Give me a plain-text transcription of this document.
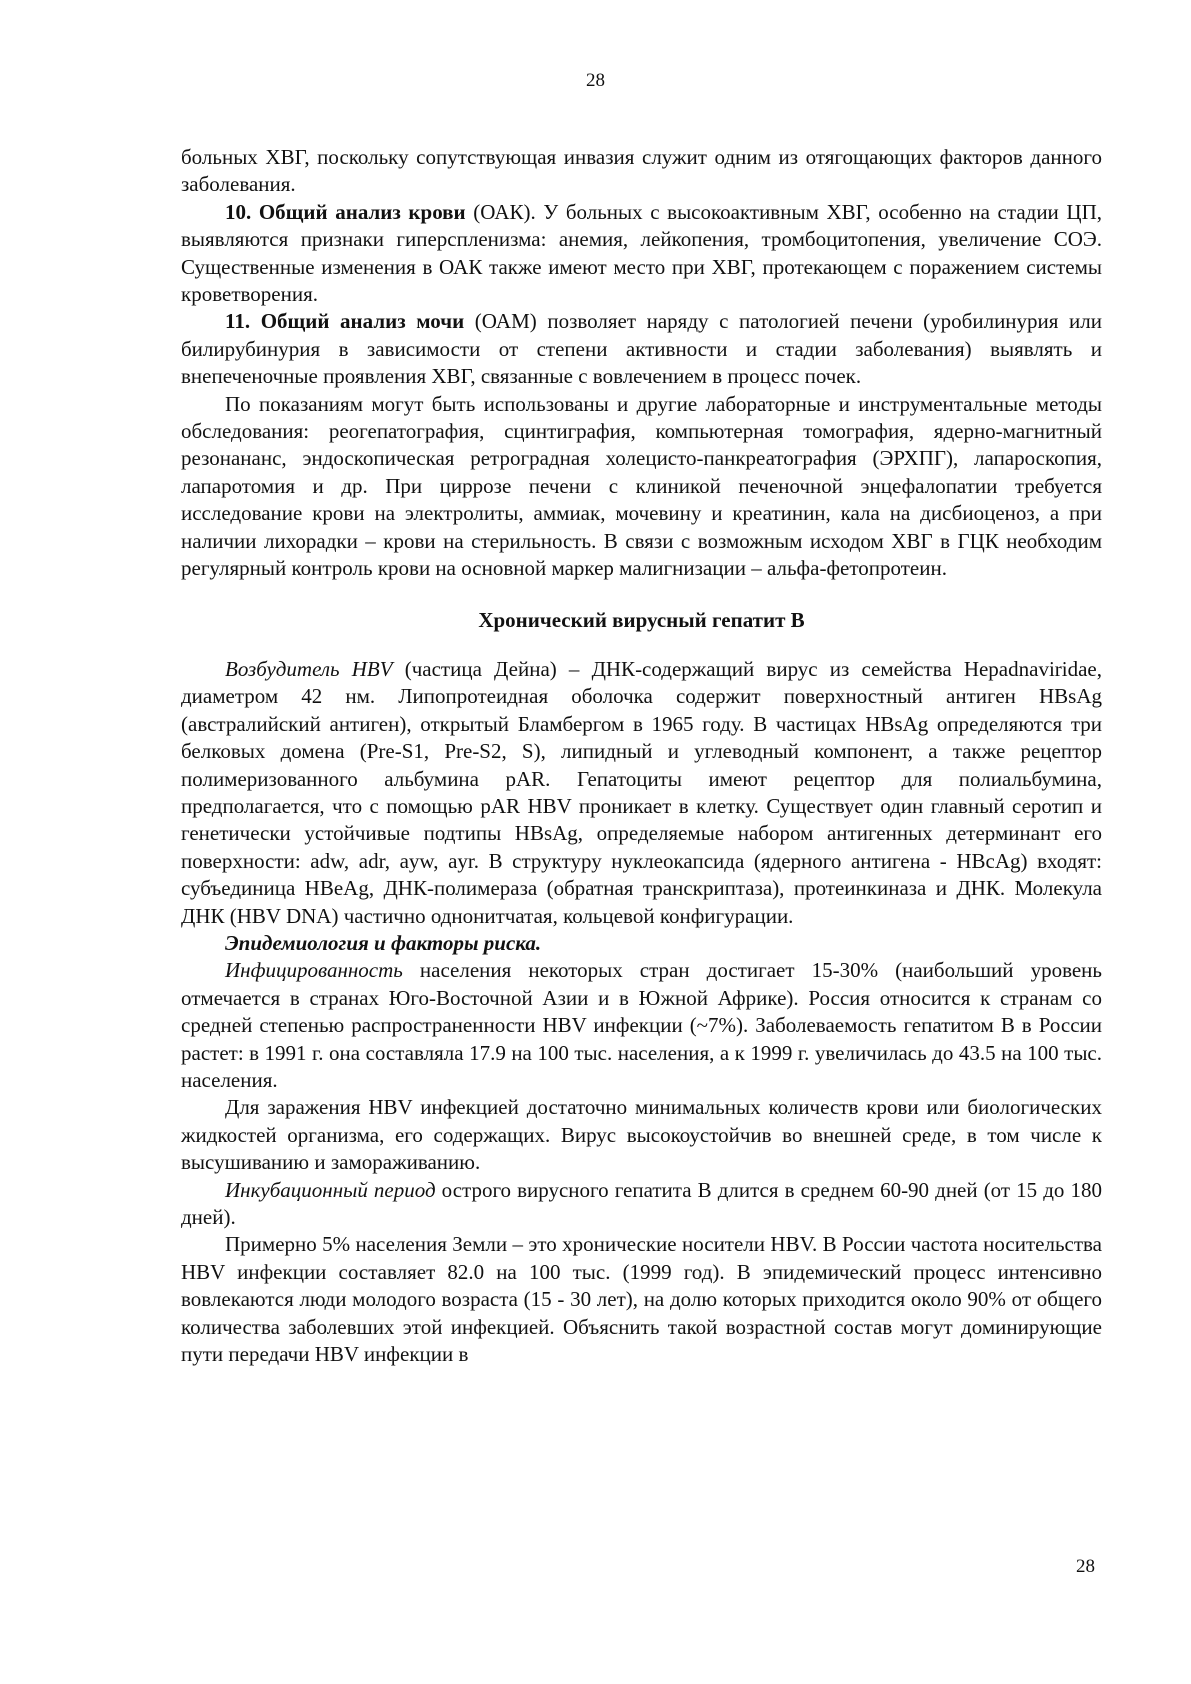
28

больных ХВГ, поскольку сопутствующая инвазия служит одним из отягощающих факторов данного заболевания.

10. Общий анализ крови (ОАК). У больных с высокоактивным ХВГ, особенно на стадии ЦП, выявляются признаки гиперспленизма: анемия, лейкопения, тромбоцитопения, увеличение СОЭ. Существенные изменения в ОАК также имеют место при ХВГ, протекающем с поражением системы кроветворения.

11. Общий анализ мочи (ОАМ) позволяет наряду с патологией печени (уробилинурия или билирубинурия в зависимости от степени активности и стадии заболевания) выявлять и внепеченочные проявления ХВГ, связанные с вовлечением в процесс почек.

По показаниям могут быть использованы и другие лабораторные и инструментальные методы обследования: реогепатография, сцинтиграфия, компьютерная томография, ядерно-магнитный резонананс, эндоскопическая ретроградная холецисто-панкреатография (ЭРХПГ), лапароскопия, лапаротомия и др. При циррозе печени с клиникой печеночной энцефалопатии требуется исследование крови на электролиты, аммиак, мочевину и креатинин, кала на дисбиоценоз, а при наличии лихорадки – крови на стерильность. В связи с возможным исходом ХВГ в ГЦК необходим регулярный контроль крови на основной маркер малигнизации – альфа-фетопротеин.

Хронический вирусный гепатит В

Возбудитель HBV (частица Дейна) – ДНК-содержащий вирус из семейства Hepadnaviridae, диаметром 42 нм. Липопротеидная оболочка содержит поверхностный антиген HBsAg (австралийский антиген), открытый Бламбергом в 1965 году. В частицах HBsAg определяются три белковых домена (Pre-S1, Pre-S2, S), липидный и углеводный компонент, а также рецептор полимеризованного альбумина pAR. Гепатоциты имеют рецептор для полиальбумина, предполагается, что с помощью pAR HBV проникает в клетку. Существует один главный серотип и генетически устойчивые подтипы HBsAg, определяемые набором антигенных детерминант его поверхности: adw, adr, ayw, ayr. В структуру нуклеокапсида (ядерного антигена - HBcAg) входят: субъединица HBeAg, ДНК-полимераза (обратная транскриптаза), протеинкиназа и ДНК. Молекула ДНК (HBV DNA) частично однонитчатая, кольцевой конфигурации.

Эпидемиология и факторы риска.

Инфицированность населения некоторых стран достигает 15-30% (наибольший уровень отмечается в странах Юго-Восточной Азии и в Южной Африке). Россия относится к странам со средней степенью распространенности HBV инфекции (~7%). Заболеваемость гепатитом В в России растет: в 1991 г. она составляла 17.9 на 100 тыс. населения, а к 1999 г. увеличилась до 43.5 на 100 тыс. населения.

Для заражения HBV инфекцией достаточно минимальных количеств крови или биологических жидкостей организма, его содержащих. Вирус высокоустойчив во внешней среде, в том числе к высушиванию и замораживанию.

Инкубационный период острого вирусного гепатита В длится в среднем 60-90 дней (от 15 до 180 дней).

Примерно 5% населения Земли – это хронические носители HBV. В России частота носительства HBV инфекции составляет 82.0 на 100 тыс. (1999 год). В эпидемический процесс интенсивно вовлекаются люди молодого возраста (15 - 30 лет), на долю которых приходится около 90% от общего количества заболевших этой инфекцией. Объяснить такой возрастной состав могут доминирующие пути передачи HBV инфекции в

28
